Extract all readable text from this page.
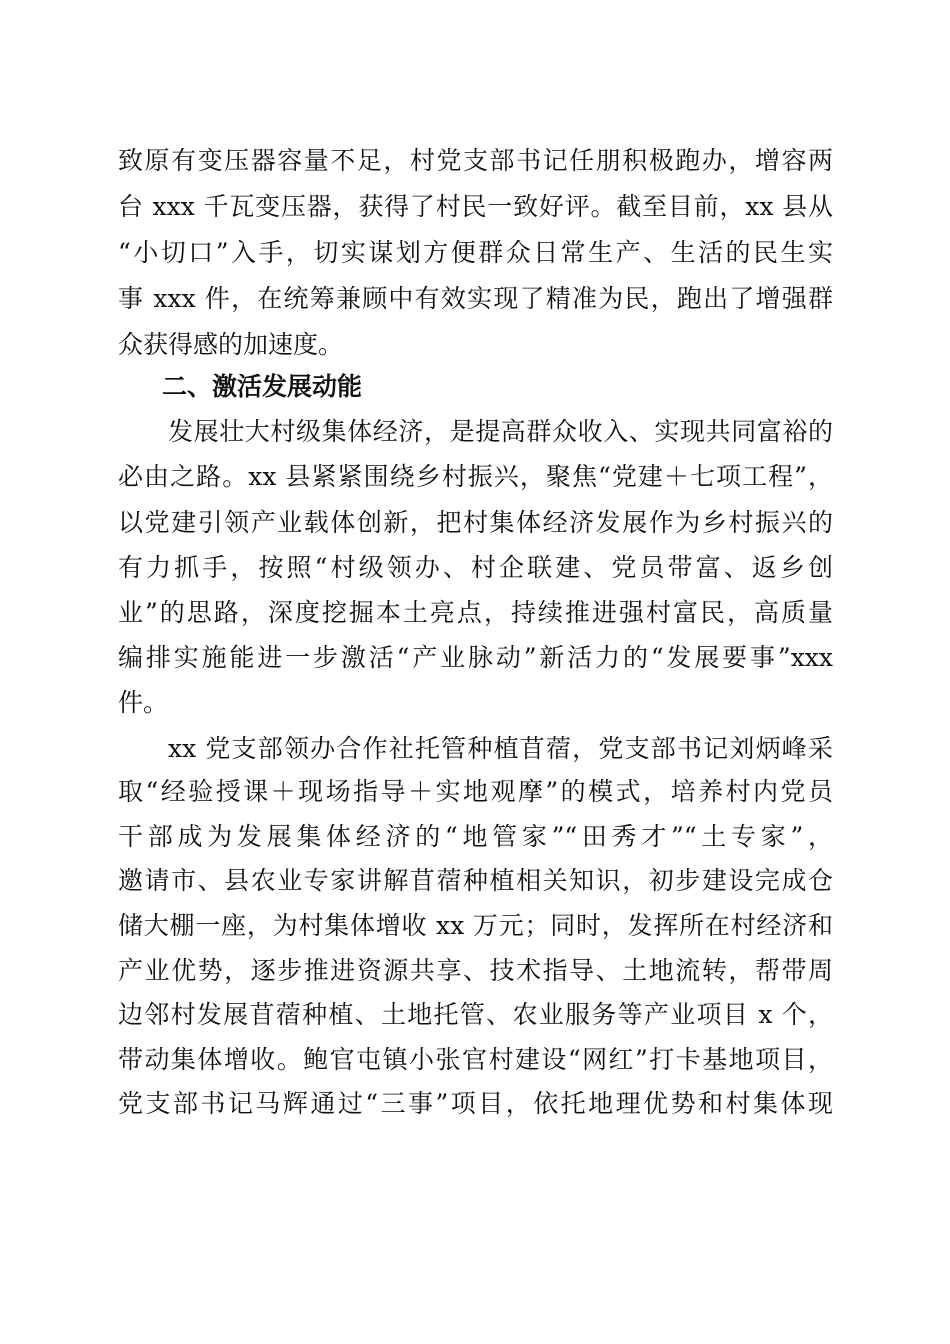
致原有变压器容量不足，村党支部书记任朋积极跑办，增容两
台 xxx 千瓦变压器，获得了村民一致好评。截至目前，xx 县从
“小切口”入手，切实谋划方便群众日常生产、生活的民生实
事 xxx 件，在统筹兼顾中有效实现了精准为民，跑出了增强群
众获得感的加速度。
二、激活发展动能
发展壮大村级集体经济，是提高群众收入、实现共同富裕的
必由之路。xx 县紧紧围绕乡村振兴，聚焦“党建＋七项工程”，
以党建引领产业载体创新，把村集体经济发展作为乡村振兴的
有力抓手，按照“村级领办、村企联建、党员带富、返乡创
业”的思路，深度挖掘本土亮点，持续推进强村富民，高质量
编排实施能进一步激活“产业脉动”新活力的“发展要事”xxx
件。
xx 党支部领办合作社托管种植苜蓿，党支部书记刘炳峰采
取“经验授课＋现场指导＋实地观摩”的模式，培养村内党员
干部成为发展集体经济的“地管家”“田秀才”“土专家”，
邀请市、县农业专家讲解苜蓿种植相关知识，初步建设完成仓
储大棚一座，为村集体增收 xx 万元；同时，发挥所在村经济和
产业优势，逐步推进资源共享、技术指导、土地流转，帮带周
边邻村发展苜蓿种植、土地托管、农业服务等产业项目 x 个，
带动集体增收。鲍官屯镇小张官村建设“网红”打卡基地项目，
党支部书记马辉通过“三事”项目，依托地理优势和村集体现
